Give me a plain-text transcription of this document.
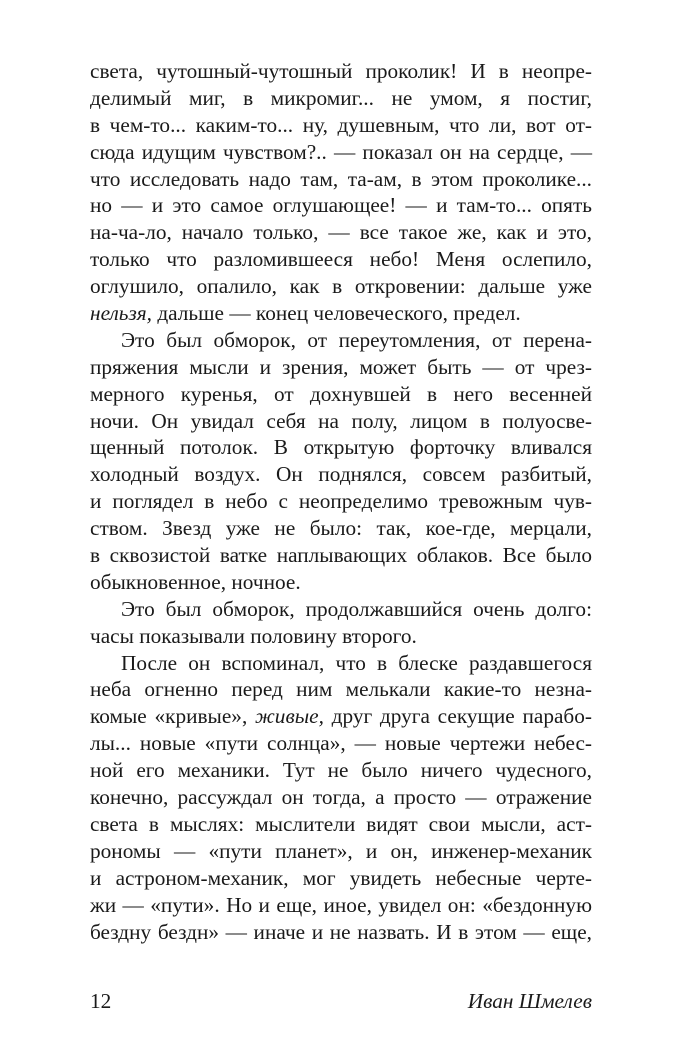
света, чутошный-чутошный проколик! И в неопре-
делимый миг, в микромиг... не умом, я постиг,
в чем-то... каким-то... ну, душевным, что ли, вот от-
сюда идущим чувством?.. — показал он на сердце, —
что исследовать надо там, та-ам, в этом проколике...
но — и это самое оглушающее! — и там-то... опять
на-ча-ло, начало только, — все такое же, как и это,
только что разломившееся небо! Меня ослепило,
оглушило, опалило, как в откровении: дальше уже
нельзя, дальше — конец человеческого, предел.
Это был обморок, от переутомления, от перена-
пряжения мысли и зрения, может быть — от чрез-
мерного куренья, от дохнувшей в него весенней
ночи. Он увидал себя на полу, лицом в полуосве-
щенный потолок. В открытую форточку вливался
холодный воздух. Он поднялся, совсем разбитый,
и поглядел в небо с неопределимо тревожным чув-
ством. Звезд уже не было: так, кое-где, мерцали,
в сквозистой ватке наплывающих облаков. Все было
обыкновенное, ночное.
Это был обморок, продолжавшийся очень долго:
часы показывали половину второго.
После он вспоминал, что в блеске раздавшегося
неба огненно перед ним мелькали какие-то незна-
комые «кривые», живые, друг друга секущие парабо-
лы... новые «пути солнца», — новые чертежи небес-
ной его механики. Тут не было ничего чудесного,
конечно, рассуждал он тогда, а просто — отражение
света в мыслях: мыслители видят свои мысли, аст-
рономы — «пути планет», и он, инженер-механик
и астроном-механик, мог увидеть небесные черте-
жи — «пути». Но и еще, иное, увидел он: «бездонную
бездну бездн» — иначе и не назвать. И в этом — еще,
12	Иван Шмелев
